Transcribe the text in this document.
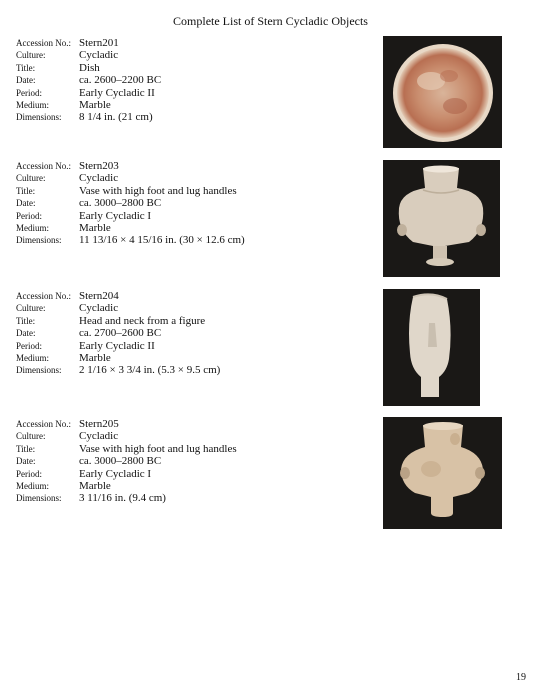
Complete List of Stern Cycladic Objects
Accession No.: Stern201
Culture:	Cycladic
Title:	Dish
Date:	ca. 2600–2200 BC
Period:	Early Cycladic II
Medium:	Marble
Dimensions:	8 1/4 in. (21 cm)
Accession No.: Stern203
Culture:	Cycladic
Title:	Vase with high foot and lug handles
Date:	ca. 3000–2800 BC
Period:	Early Cycladic I
Medium:	Marble
Dimensions:	11 13/16 × 4 15/16 in. (30 × 12.6 cm)
Accession No.: Stern204
Culture:	Cycladic
Title:	Head and neck from a figure
Date:	ca. 2700–2600 BC
Period:	Early Cycladic II
Medium:	Marble
Dimensions:	2 1/16 × 3 3/4 in. (5.3 × 9.5 cm)
Accession No.: Stern205
Culture:	Cycladic
Title:	Vase with high foot and lug handles
Date:	ca. 3000–2800 BC
Period:	Early Cycladic I
Medium:	Marble
Dimensions:	3 11/16 in. (9.4 cm)
19
